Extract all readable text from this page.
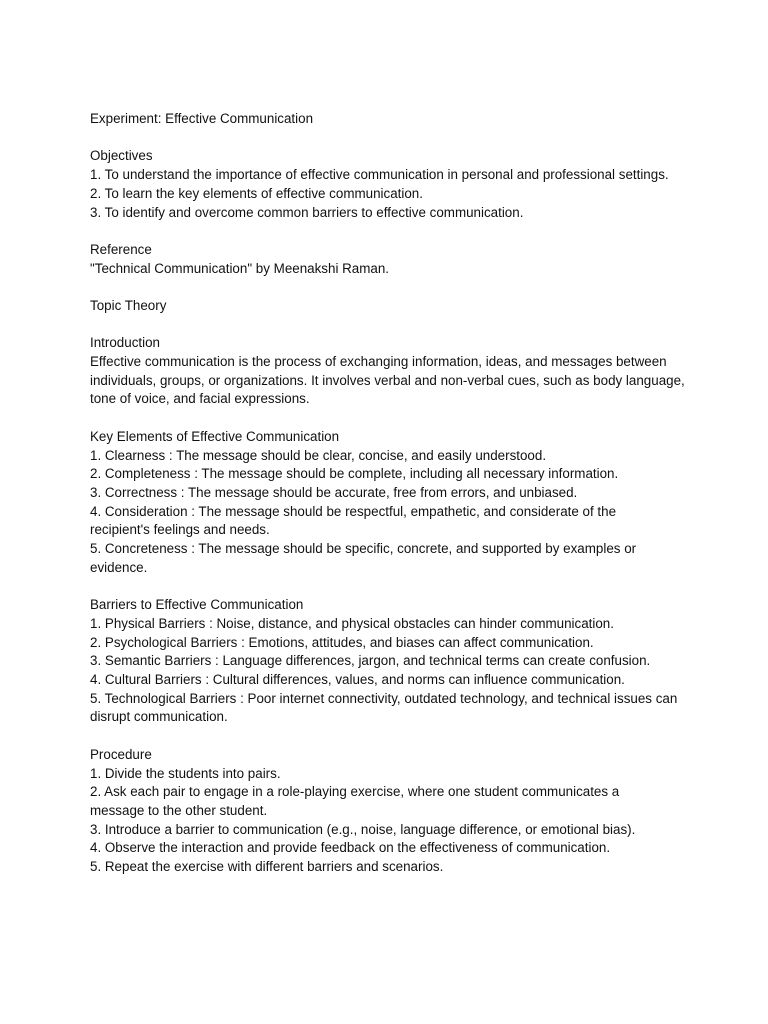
Experiment: Effective Communication
Objectives
1. To understand the importance of effective communication in personal and professional settings.
2. To learn the key elements of effective communication.
3. To identify and overcome common barriers to effective communication.
Reference
"Technical Communication" by Meenakshi Raman.
Topic Theory
Introduction
Effective communication is the process of exchanging information, ideas, and messages between individuals, groups, or organizations. It involves verbal and non-verbal cues, such as body language, tone of voice, and facial expressions.
Key Elements of Effective Communication
1. Clearness : The message should be clear, concise, and easily understood.
2. Completeness : The message should be complete, including all necessary information.
3. Correctness : The message should be accurate, free from errors, and unbiased.
4. Consideration : The message should be respectful, empathetic, and considerate of the recipient's feelings and needs.
5. Concreteness : The message should be specific, concrete, and supported by examples or evidence.
Barriers to Effective Communication
1. Physical Barriers : Noise, distance, and physical obstacles can hinder communication.
2. Psychological Barriers : Emotions, attitudes, and biases can affect communication.
3. Semantic Barriers : Language differences, jargon, and technical terms can create confusion.
4. Cultural Barriers : Cultural differences, values, and norms can influence communication.
5. Technological Barriers : Poor internet connectivity, outdated technology, and technical issues can disrupt communication.
Procedure
1. Divide the students into pairs.
2. Ask each pair to engage in a role-playing exercise, where one student communicates a message to the other student.
3. Introduce a barrier to communication (e.g., noise, language difference, or emotional bias).
4. Observe the interaction and provide feedback on the effectiveness of communication.
5. Repeat the exercise with different barriers and scenarios.
